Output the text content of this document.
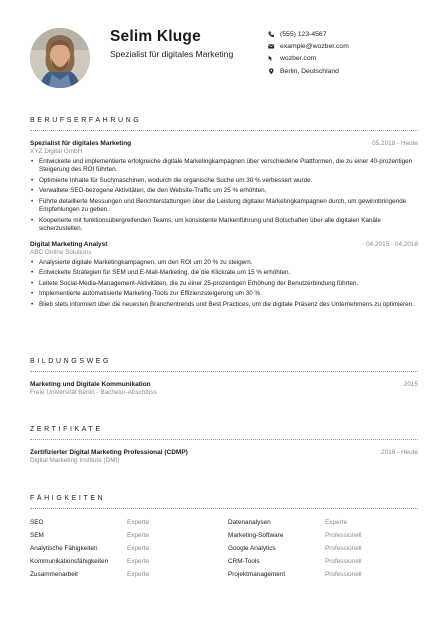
Selim Kluge
Spezialist für digitales Marketing
(555) 123-4567
example@wozber.com
wozber.com
Berlin, Deutschland
BERUFSERFAHRUNG
Spezialist für digitales Marketing	05.2018 - Heute
XYZ Digital GmbH
• Entwickelte und implementierte erfolgreiche digitale Marketingkampagnen über verschiedene Plattformen, die zu einer 40-prozentigen Steigerung des ROI führten.
• Optimierte Inhalte für Suchmaschinen, wodurch die organische Suche um 30 % verbessert wurde.
• Verwaltete SEO-bezogene Aktivitäten, die den Website-Traffic um 25 % erhöhten.
• Führte detaillierte Messungen und Berichterstattungen über die Leistung digitaler Marketingkampagnen durch, um gewinnbringende Empfehlungen zu geben.
• Kooperierte mit funktionsübergreifenden Teams, um konsistente Markenführung und Botschaften über alle digitalen Kanäle sicherzustellen.
Digital Marketing Analyst	04.2015 - 04.2018
ABC Online Solutions
• Analysierte digitale Marketingkampagnen, um den ROI um 20 % zu steigern.
• Entwickelte Strategien für SEM und E-Mail-Marketing, die die Klickrate um 15 % erhöhten.
• Leitete Social-Media-Management-Aktivitäten, die zu einer 25-prozentigen Erhöhung der Benutzerbindung führten.
• Implementierte automatisierte Marketing-Tools zur Effizienzsteigerung um 30 %.
• Blieb stets informiert über die neuesten Branchentrends und Best Practices, um die digitale Präsenz des Unternehmens zu optimieren.
BILDUNGSWEG
Marketing und Digitale Kommunikation	2015
Freie Universität Berlin - Bachelor-Abschluss
ZERTIFIKATE
Zertifizierter Digital Marketing Professional (CDMP)	2016 - Heute
Digital Marketing Institute (DMI)
FÄHIGKEITEN
SEO	Experte	Datenanalysen	Experte
SEM	Experte	Marketing-Software	Professionell
Analytische Fähigkeiten	Experte	Google Analytics	Professionell
Kommunikationsfähigkeiten	Experte	CRM-Tools	Professionell
Zusammenarbeit	Experte	Projektmanagement	Professionell
